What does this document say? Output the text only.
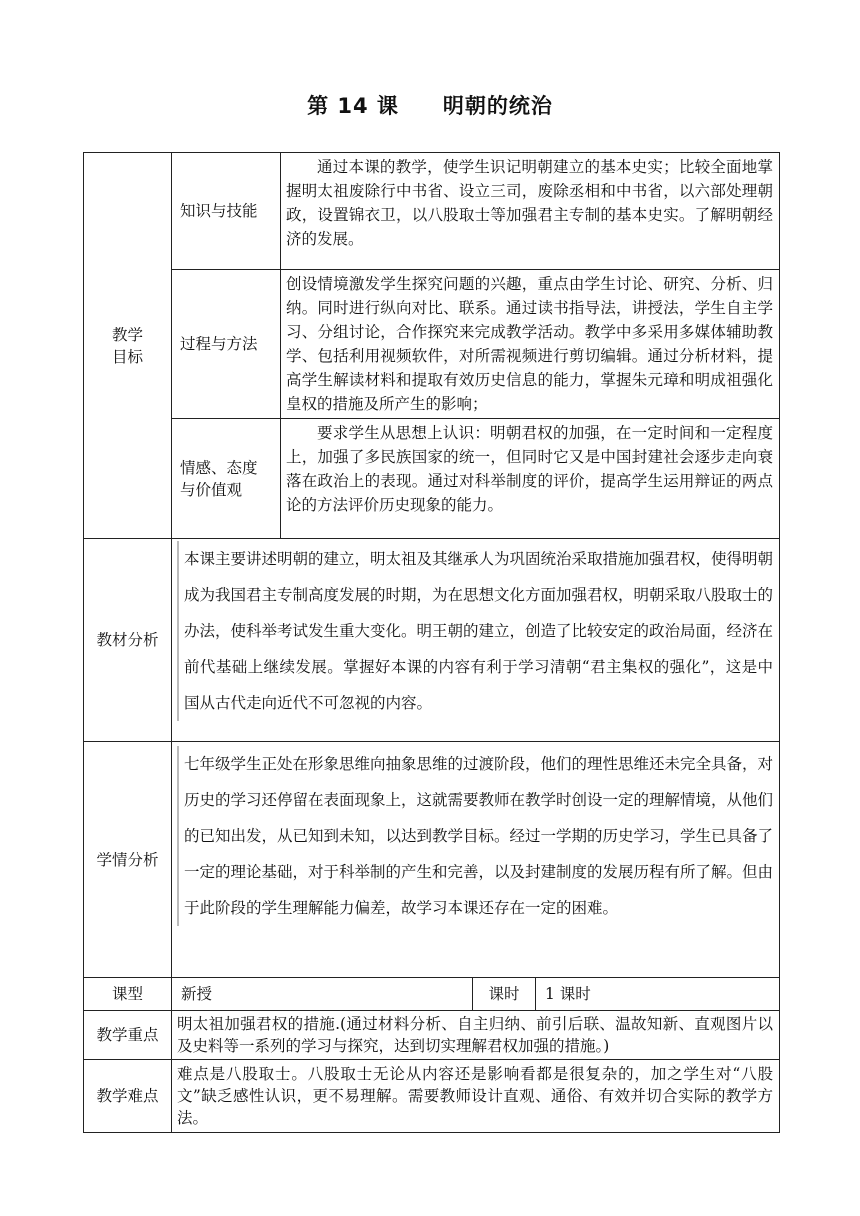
第 14 课 明朝的统治
教学
目标	知识与技能	通过本课的教学，使学生识记明朝建立的基本史实；比较全面地掌握明太祖废除行中书省、设立三司，废除丞相和中书省，以六部处理朝政，设置锦衣卫，以八股取士等加强君主专制的基本史实。了解明朝经济的发展。		
	过程与方法	创设情境激发学生探究问题的兴趣，重点由学生讨论、研究、分析、归纳。同时进行纵向对比、联系。通过读书指导法，讲授法，学生自主学习、分组讨论，合作探究来完成教学活动。教学中多采用多媒体辅助教学、包括利用视频软件，对所需视频进行剪切编辑。通过分析材料，提高学生解读材料和提取有效历史信息的能力，掌握朱元璋和明成祖强化皇权的措施及所产生的影响；		

	情感、态度
与价值观	要求学生从思想上认识：明朝君权的加强，在一定时间和一定程度上，加强了多民族国家的统一，但同时它又是中国封建社会逐步走向衰落在政治上的表现。通过对科举制度的评价，提高学生运用辩证的两点论的方法评价历史现象的能力。		
教材分析	本课主要讲述明朝的建立，明太祖及其继承人为巩固统治采取措施加强君权，使得明朝成为我国君主专制高度发展的时期，为在思想文化方面加强君权，明朝采取八股取士的办法，使科举考试发生重大变化。明王朝的建立，创造了比较安定的政治局面，经济在前代基础上继续发展。掌握好本课的内容有利于学习清朝“君主集权的强化”，这是中国从古代走向近代不可忽视的内容。			

学情分析	七年级学生正处在形象思维向抽象思维的过渡阶段，他们的理性思维还未完全具备，对历史的学习还停留在表面现象上，这就需要教师在教学时创设一定的理解情境，从他们的已知出发，从已知到未知，以达到教学目标。经过一学期的历史学习，学生已具备了一定的理论基础，对于科举制的产生和完善，以及封建制度的发展历程有所了解。但由于此阶段的学生理解能力偏差，故学习本课还存在一定的困难。			

课型	新授		课时	1 课时
教学重点	明太祖加强君权的措施.(通过材料分析、自主归纳、前引后联、温故知新、直观图片以及史料等一系列的学习与探究，达到切实理解君权加强的措施。)			
教学难点	难点是八股取士。八股取士无论从内容还是影响看都是很复杂的，加之学生对“八股文”缺乏感性认识，更不易理解。需要教师设计直观、通俗、有效并切合实际的教学方法。			
